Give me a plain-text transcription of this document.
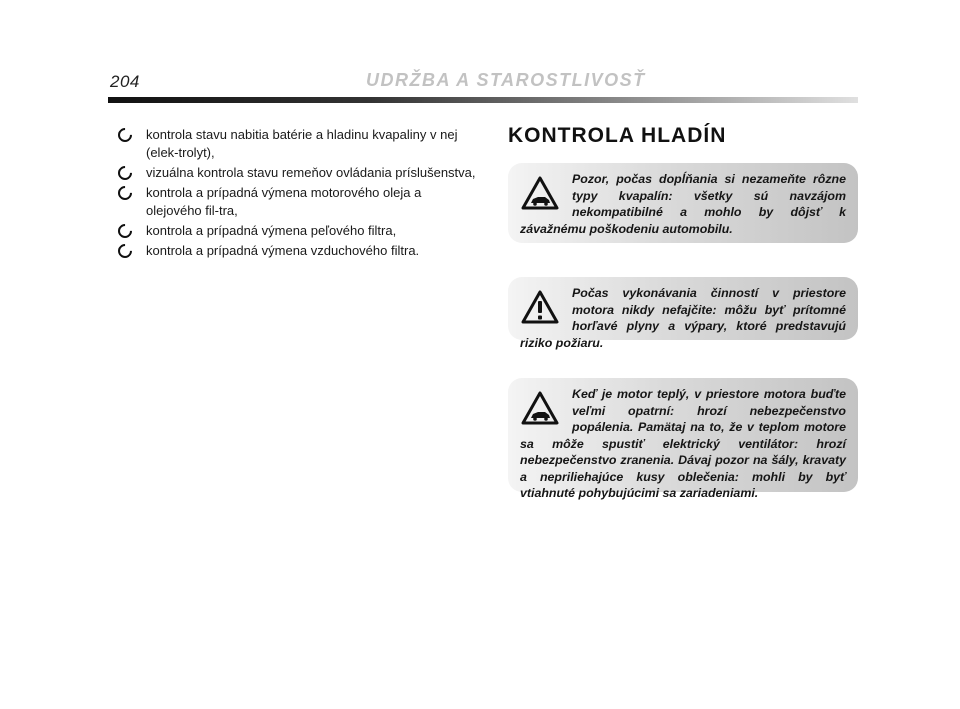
204	UDRŽBA A STAROSTLIVOSŤ
kontrola stavu nabitia batérie a hladinu kvapaliny v nej (elek-trolyt),
vizuálna kontrola stavu remeňov ovládania príslušenstva,
kontrola a prípadná výmena motorového oleja a olejového fil-tra,
kontrola a prípadná výmena peľového filtra,
kontrola a prípadná výmena vzduchového filtra.
KONTROLA HLADÍN

Pozor, počas dopĺňania si nezameňte rôzne typy kvapalín: všetky sú navzájom nekompatibilné a mohlo by dôjsť k závažnému poškodeniu automobilu.

Počas vykonávania činností v priestore motora nikdy nefajčite: môžu byť prítomné horľavé plyny a výpary, ktoré predstavujú riziko požiaru.

Keď je motor teplý, v priestore motora buďte veľmi opatrní: hrozí nebezpečenstvo popálenia. Pamätaj na to, že v teplom motore sa môže spustiť elektrický ventilátor: hrozí nebezpečenstvo zranenia. Dávaj pozor na šály, kravaty a nepriliehajúce kusy oblečenia: mohli by byť vtiahnuté pohybujúcimi sa zariadeniami.
